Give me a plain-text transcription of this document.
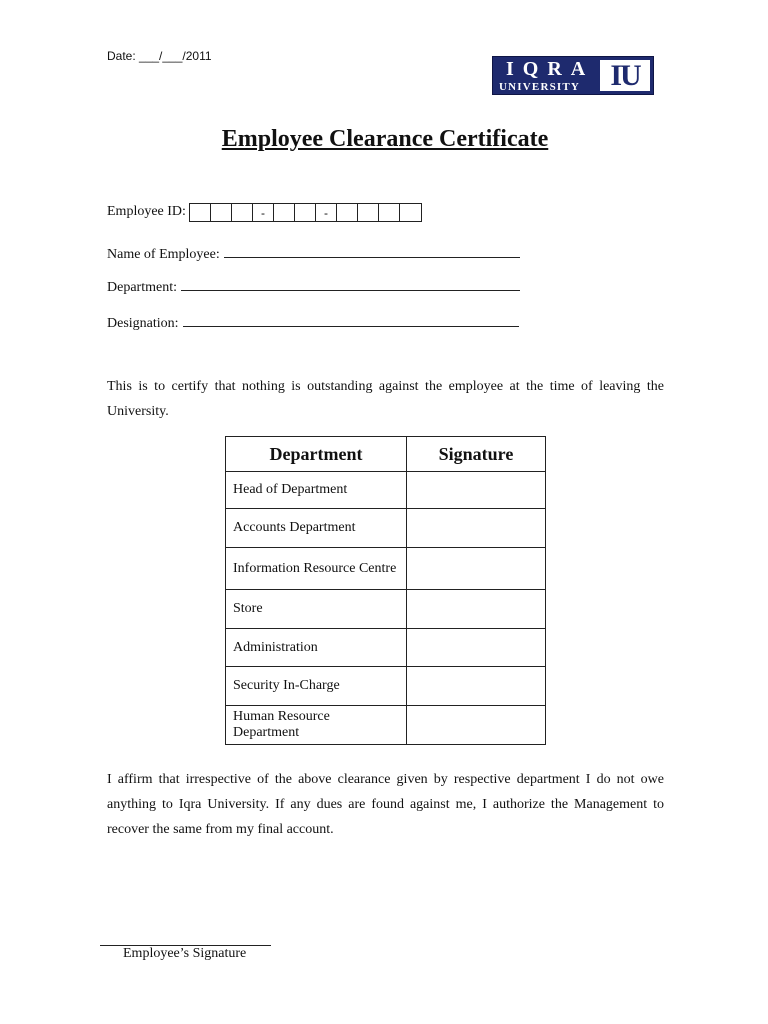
Date: ___/___/2011
IQRA
UNIVERSITY	IU
Employee Clearance Certificate
Employee ID:	-	-
Name of Employee:
Department:
Designation:
This is to certify that nothing is outstanding against the employee at the time of leaving the University.
Department	Signature
Head of Department	
Accounts Department	
Information Resource Centre	
Store	
Administration	
Security In-Charge	
Human Resource Department	
I affirm that irrespective of the above clearance given by respective department I do not owe anything to Iqra University. If any dues are found against me, I authorize the Management to recover the same from my final account.
Employee’s Signature
